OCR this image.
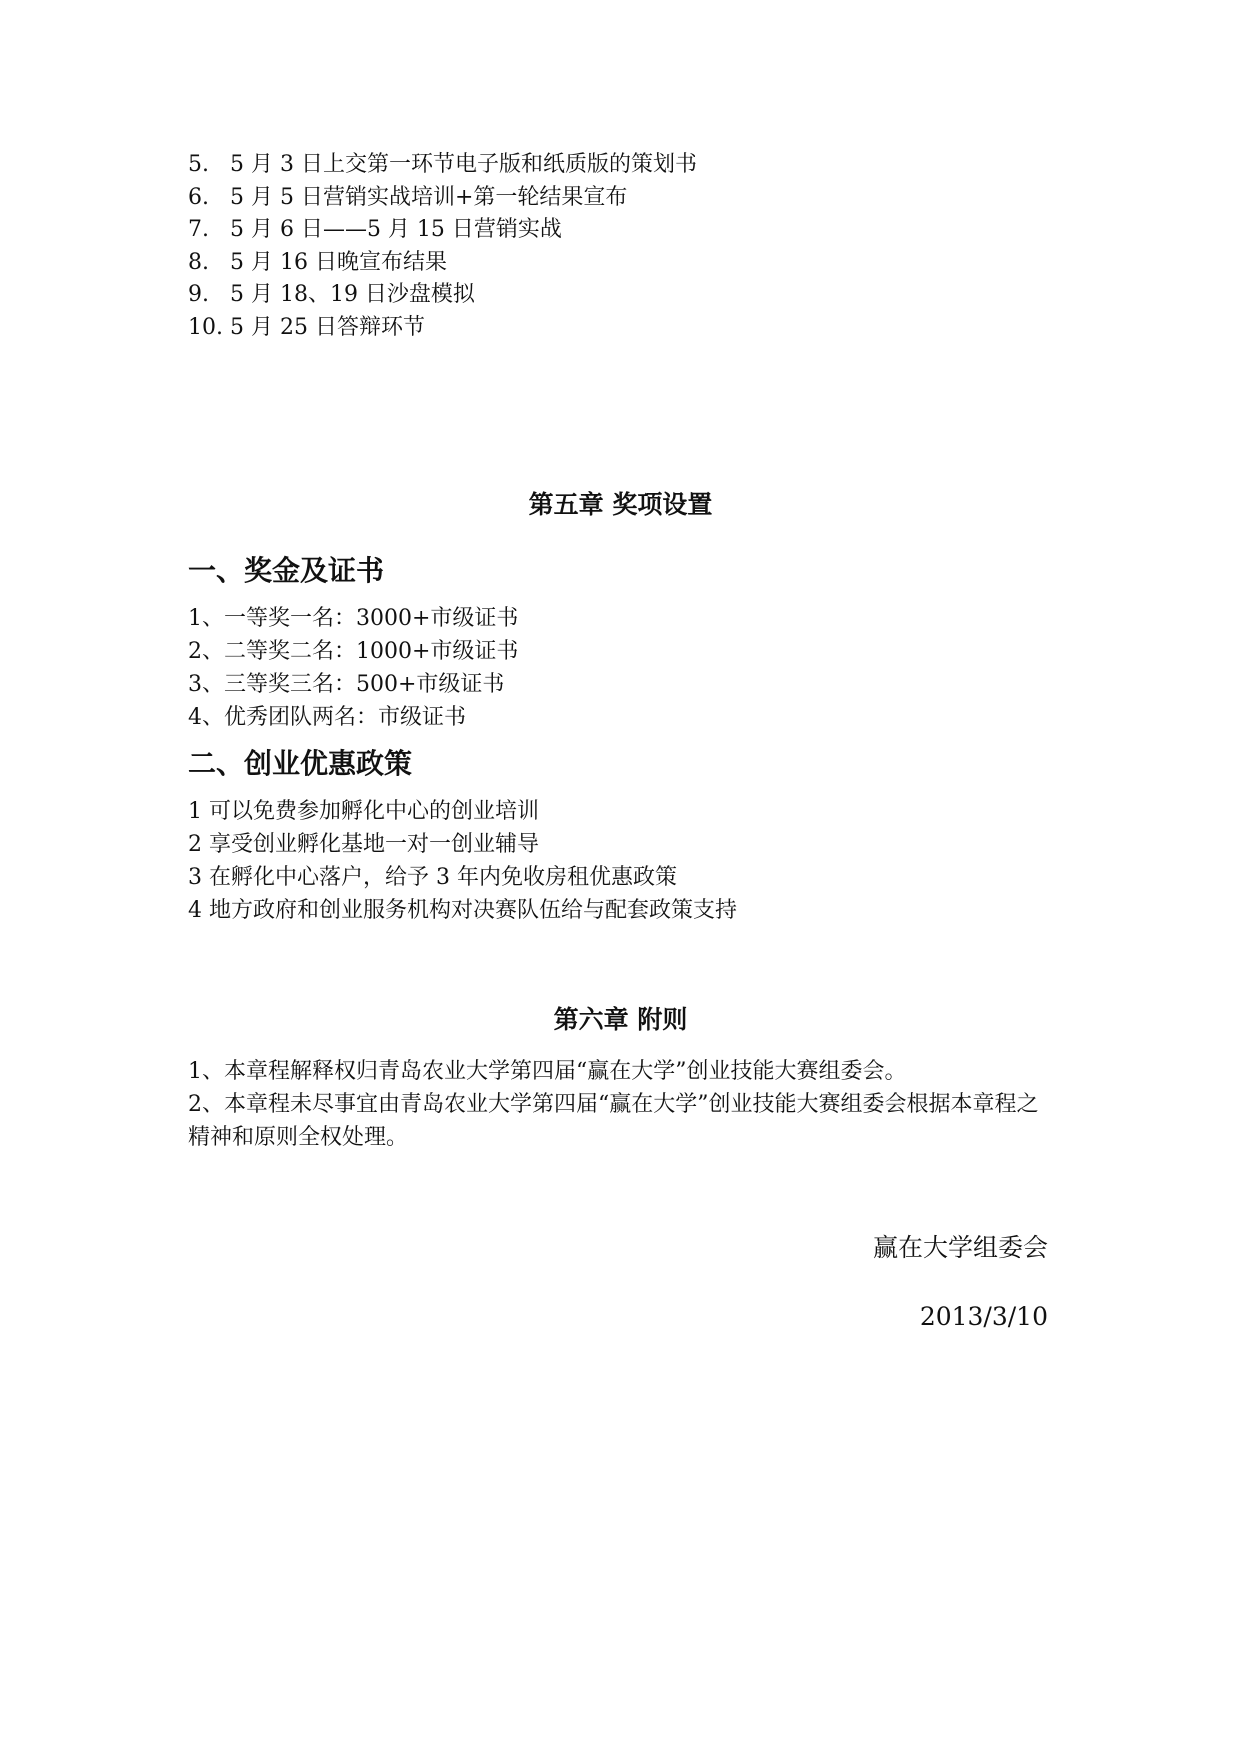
5.   5 月 3 日上交第一环节电子版和纸质版的策划书
6.   5 月 5 日营销实战培训+第一轮结果宣布
7.   5 月 6 日——5 月 15 日营销实战
8.   5 月 16 日晚宣布结果
9.   5 月 18、19 日沙盘模拟
10. 5 月 25 日答辩环节
第五章 奖项设置
一、奖金及证书
1、一等奖一名：3000+市级证书
2、二等奖二名：1000+市级证书
3、三等奖三名：500+市级证书
4、优秀团队两名：市级证书
二、创业优惠政策
1 可以免费参加孵化中心的创业培训
2 享受创业孵化基地一对一创业辅导
3 在孵化中心落户，给予 3 年内免收房租优惠政策
4 地方政府和创业服务机构对决赛队伍给与配套政策支持
第六章 附则
1、本章程解释权归青岛农业大学第四届“赢在大学”创业技能大赛组委会。
2、本章程未尽事宜由青岛农业大学第四届“赢在大学”创业技能大赛组委会根据本章程之精神和原则全权处理。
赢在大学组委会
2013/3/10
